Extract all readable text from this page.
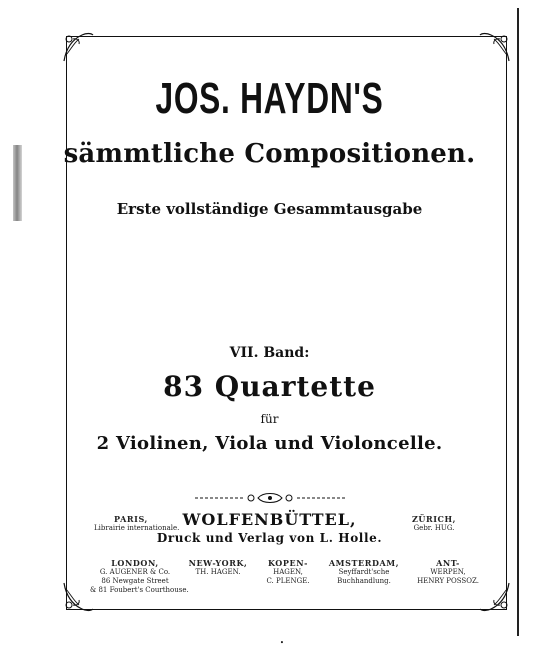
JOS. HAYDN'S
sämmtliche Compositionen.
Erste vollständige Gesammtausgabe
VII. Band:
83 Quartette
für
2 Violinen, Viola und Violoncelle.
WOLFENBÜTTEL,
Druck und Verlag von L. Holle.
PARIS,
Librairie internationale.
ZÜRICH,
Gebr. HUG.
LONDON,
G. AUGENER & Co.
86 Newgate Street
& 81 Foubert's Courthouse.
NEW-YORK,
TH. HAGEN.
KOPEN-
HAGEN,
C. PLENGE.
AMSTERDAM,
Seyffardt'sche
Buchhandlung.
ANT-
WERPEN,
HENRY POSSOZ.
•
